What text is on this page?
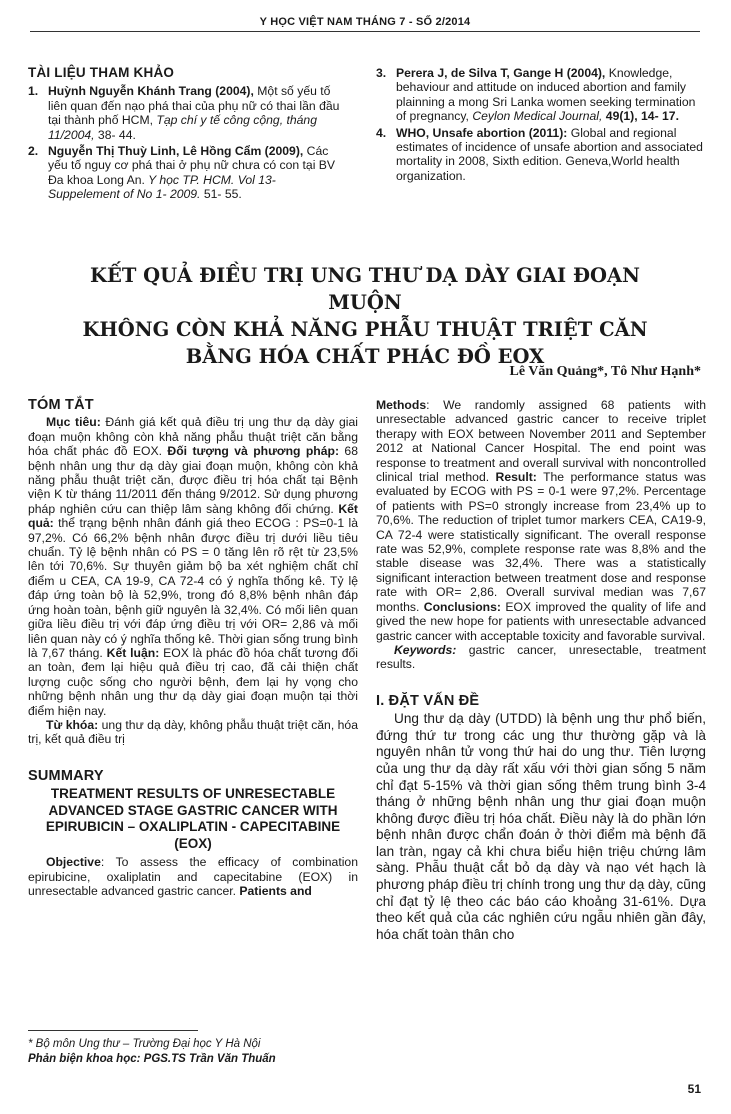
Y HỌC VIỆT NAM THÁNG 7 - SỐ 2/2014
TÀI LIỆU THAM KHẢO
1. Huỳnh Nguyễn Khánh Trang (2004), Một số yếu tố liên quan đến nạo phá thai của phụ nữ có thai lần đầu tại thành phố HCM, Tạp chí y tế công cộng, tháng 11/2004, 38- 44.
2. Nguyễn Thị Thuỳ Linh, Lê Hồng Cẩm (2009), Các yếu tố nguy cơ phá thai ở phụ nữ chưa có con tại BV Đa khoa Long An. Y học TP. HCM. Vol 13- Suppelement of No 1- 2009. 51- 55.
3. Perera J, de Silva T, Gange H (2004), Knowledge, behaviour and attitude on induced abortion and family plainning a mong Sri Lanka women seeking termination of pregnancy, Ceylon Medical Journal, 49(1), 14- 17.
4. WHO, Unsafe abortion (2011): Global and regional estimates of incidence of unsafe abortion and associated mortality in 2008, Sixth edition. Geneva,World health organization.
KẾT QUẢ ĐIỀU TRỊ UNG THƯ DẠ DÀY GIAI ĐOẠN MUỘN
KHÔNG CÒN KHẢ NĂNG PHẪU THUẬT TRIỆT CĂN
BẰNG HÓA CHẤT PHÁC ĐỒ EOX
Lê Văn Quảng*, Tô Như Hạnh*
TÓM TẮT

Mục tiêu: Đánh giá kết quả điều trị ung thư dạ dày giai đoạn muộn không còn khả năng phẫu thuật triệt căn bằng hóa chất phác đồ EOX. Đối tượng và phương pháp: 68 bệnh nhân ung thư dạ dày giai đoạn muộn, không còn khả năng phẫu thuật triệt căn, được điều trị hóa chất tại Bệnh viện K từ tháng 11/2011 đến tháng 9/2012. Sử dụng phương pháp nghiên cứu can thiệp lâm sàng không đối chứng. Kết quả: thể trạng bệnh nhân đánh giá theo ECOG : PS=0-1 là 97,2%. Có 66,2% bệnh nhân được điều trị dưới liều tiêu chuẩn. Tỷ lệ bệnh nhân có PS = 0 tăng lên rõ rệt từ 23,5% lên tới 70,6%. Sự thuyên giảm bộ ba xét nghiệm chất chỉ điểm u CEA, CA 19-9, CA 72-4 có ý nghĩa thống kê. Tỷ lệ đáp ứng toàn bộ là 52,9%, trong đó 8,8% bệnh nhân đáp ứng hoàn toàn, bệnh giữ nguyên là 32,4%. Có mối liên quan giữa liều điều trị với đáp ứng điều trị với OR= 2,86 và mối liên quan này có ý nghĩa thống kê. Thời gian sống trung bình là 7,67 tháng. Kết luận: EOX là phác đồ hóa chất tương đối an toàn, đem lại hiệu quả điều trị cao, đã cải thiện chất lượng cuộc sống cho người bệnh, đem lại hy vọng cho những bệnh nhân ung thư dạ dày giai đoạn muộn tại thời điểm hiện nay.

Từ khóa: ung thư dạ dày, không phẫu thuật triệt căn, hóa trị, kết quả điều trị

SUMMARY
TREATMENT RESULTS OF UNRESECTABLE ADVANCED STAGE GASTRIC CANCER WITH EPIRUBICIN – OXALIPLATIN - CAPECITABINE (EOX)

Objective: To assess the efficacy of combination epirubicine, oxaliplatin and capecitabine (EOX) in unresectable advanced gastric cancer. Patients and

Methods: We randomly assigned 68 patients with unresectable advanced gastric cancer to receive triplet therapy with EOX between November 2011 and September 2012 at National Cancer Hospital. The end point was response to treatment and overall survival with noncontrolled clinical trial method. Result: The performance status was evaluated by ECOG with PS = 0-1 were 97,2%. Percentage of patients with PS=0 strongly increase from 23,4% up to 70,6%. The reduction of triplet tumor markers CEA, CA19-9, CA 72-4 were statistically significant. The overall response rate was 52,9%, complete response rate was 8,8% and the stable disease was 32,4%. There was a statistically significant interaction between treatment dose and response rate with OR= 2,86. Overall survival median was 7,67 months. Conclusions: EOX improved the quality of life and gived the new hope for patients with unresectable advanced gastric cancer with acceptable toxicity and favorable survival.

Keywords: gastric cancer, unresectable, treatment results.

I. ĐẶT VẤN ĐỀ

Ung thư dạ dày (UTDD) là bệnh ung thư phổ biến, đứng thứ tư trong các ung thư thường gặp và là nguyên nhân tử vong thứ hai do ung thư. Tiên lượng của ung thư dạ dày rất xấu với thời gian sống 5 năm chỉ đạt 5-15% và thời gian sống thêm trung bình 3-4 tháng ở những bệnh nhân ung thư giai đoạn muộn không được điều trị hóa chất. Điều này là do phần lớn bệnh nhân được chẩn đoán ở thời điểm mà bệnh đã lan tràn, ngay cả khi chưa biểu hiện triệu chứng lâm sàng. Phẫu thuật cắt bỏ dạ dày và nạo vét hạch là phương pháp điều trị chính trong ung thư dạ dày, cũng chỉ đạt tỷ lệ theo các báo cáo khoảng 31-61%. Dựa theo kết quả của các nghiên cứu ngẫu nhiên gần đây, hóa chất toàn thân cho

* Bộ môn Ung thư – Trường Đại học Y Hà Nội
Phản biện khoa học: PGS.TS Trần Văn Thuấn
51
